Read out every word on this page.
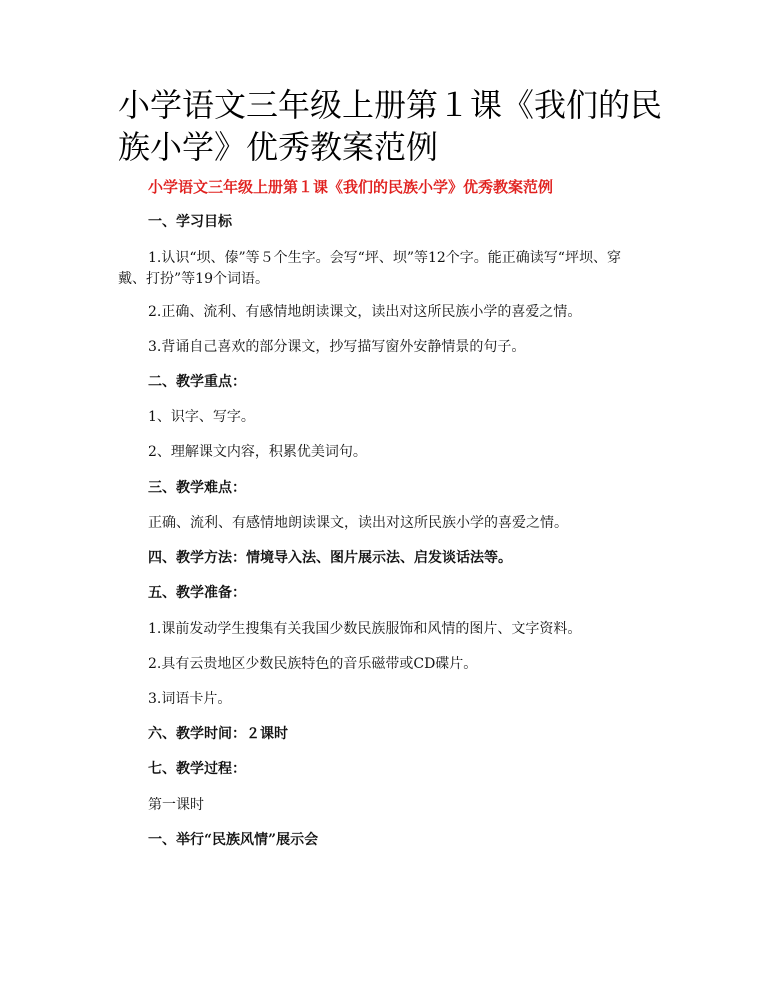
小学语文三年级上册第１课《我们的民族小学》优秀教案范例

小学语文三年级上册第１课《我们的民族小学》优秀教案范例

一、学习目标

1.认识“坝、傣”等５个生字。会写“坪、坝”等12个字。能正确读写“坪坝、穿戴、打扮”等19个词语。

2.正确、流利、有感情地朗读课文，读出对这所民族小学的喜爱之情。

3.背诵自己喜欢的部分课文，抄写描写窗外安静情景的句子。

二、教学重点：

1、识字、写字。

2、理解课文内容，积累优美词句。

三、教学难点：

正确、流利、有感情地朗读课文，读出对这所民族小学的喜爱之情。

四、教学方法：情境导入法、图片展示法、启发谈话法等。

五、教学准备：

1.课前发动学生搜集有关我国少数民族服饰和风情的图片、文字资料。

2.具有云贵地区少数民族特色的音乐磁带或CD碟片。

3.词语卡片。

六、教学时间：２课时

七、教学过程：

第一课时

一、举行“民族风情”展示会
